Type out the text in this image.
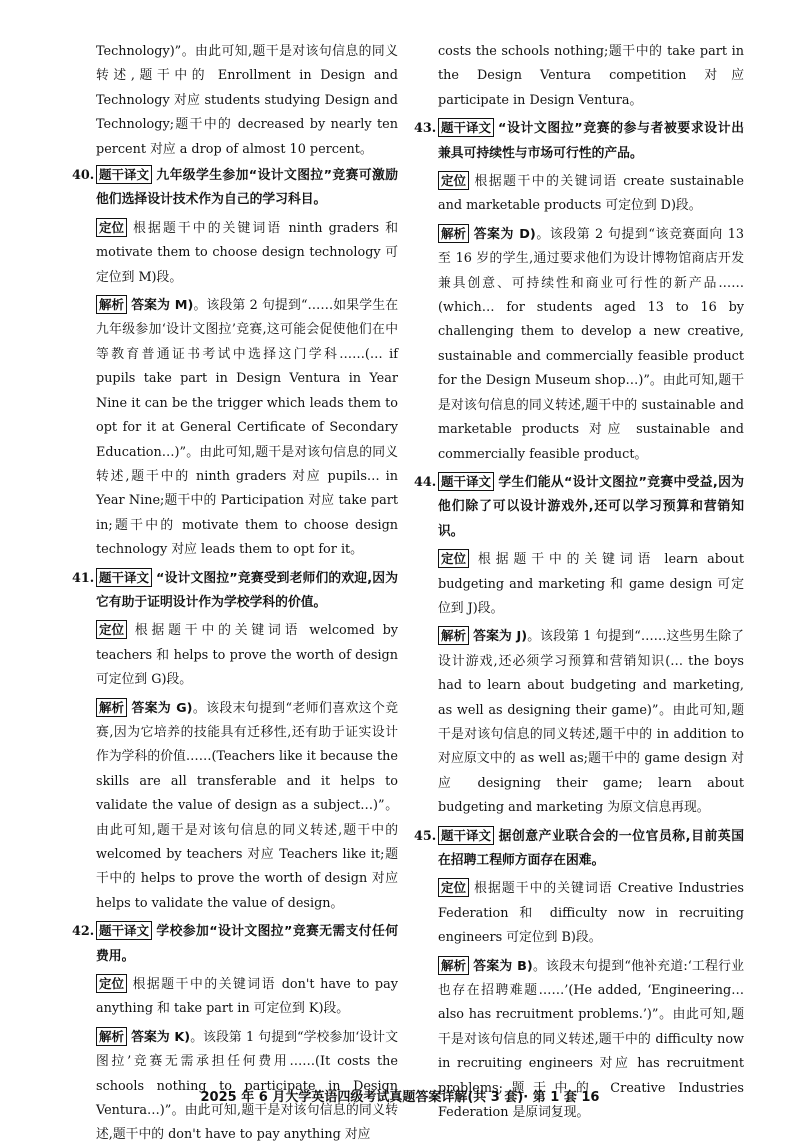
Technology)”。由此可知,题干是对该句信息的同义转述,题干中的 Enrollment in Design and Technology 对应 students studying Design and Technology;题干中的 decreased by nearly ten percent 对应 a drop of almost 10 percent。

40. 题干译文 九年级学生参加“设计文图拉”竞赛可激励他们选择设计技术作为自己的学习科目。

定位 根据题干中的关键词语 ninth graders 和 motivate them to choose design technology 可定位到 M)段。

解析 答案为 M)。该段第 2 句提到“……如果学生在九年级参加‘设计文图拉’竞赛,这可能会促使他们在中等教育普通证书考试中选择这门学科……(… if pupils take part in Design Ventura in Year Nine it can be the trigger which leads them to opt for it at General Certificate of Secondary Education…)”。由此可知,题干是对该句信息的同义转述,题干中的 ninth graders 对应 pupils… in Year Nine;题干中的 Participation 对应 take part in;题干中的 motivate them to choose design technology 对应 leads them to opt for it。

41. 题干译文 “设计文图拉”竞赛受到老师们的欢迎,因为它有助于证明设计作为学校学科的价值。

定位 根据题干中的关键词语 welcomed by teachers 和 helps to prove the worth of design 可定位到 G)段。

解析 答案为 G)。该段末句提到“老师们喜欢这个竞赛,因为它培养的技能具有迁移性,还有助于证实设计作为学科的价值……(Teachers like it because the skills are all transferable and it helps to validate the value of design as a subject…)”。由此可知,题干是对该句信息的同义转述,题干中的 welcomed by teachers 对应 Teachers like it;题干中的 helps to prove the worth of design 对应 helps to validate the value of design。

42. 题干译文 学校参加“设计文图拉”竞赛无需支付任何费用。

定位 根据题干中的关键词语 don't have to pay anything 和 take part in 可定位到 K)段。

解析 答案为 K)。该段第 1 句提到“学校参加‘设计文图拉’竞赛无需承担任何费用……(It costs the schools nothing to participate in Design Ventura…)”。由此可知,题干是对该句信息的同义转述,题干中的 don't have to pay anything 对应

costs the schools nothing;题干中的 take part in the Design Ventura competition 对应 participate in Design Ventura。

43. 题干译文 “设计文图拉”竞赛的参与者被要求设计出兼具可持续性与市场可行性的产品。

定位 根据题干中的关键词语 create sustainable and marketable products 可定位到 D)段。

解析 答案为 D)。该段第 2 句提到“该竞赛面向 13 至 16 岁的学生,通过要求他们为设计博物馆商店开发兼具创意、可持续性和商业可行性的新产品……(which… for students aged 13 to 16 by challenging them to develop a new creative, sustainable and commercially feasible product for the Design Museum shop…)”。由此可知,题干是对该句信息的同义转述,题干中的 sustainable and marketable products 对应 sustainable and commercially feasible product。

44. 题干译文 学生们能从“设计文图拉”竞赛中受益,因为他们除了可以设计游戏外,还可以学习预算和营销知识。

定位 根据题干中的关键词语 learn about budgeting and marketing 和 game design 可定位到 J)段。

解析 答案为 J)。该段第 1 句提到“……这些男生除了设计游戏,还必须学习预算和营销知识(… the boys had to learn about budgeting and marketing, as well as designing their game)”。由此可知,题干是对该句信息的同义转述,题干中的 in addition to 对应原文中的 as well as;题干中的 game design 对应 designing their game; learn about budgeting and marketing 为原文信息再现。

45. 题干译文 据创意产业联合会的一位官员称,目前英国在招聘工程师方面存在困难。

定位 根据题干中的关键词语 Creative Industries Federation 和 difficulty now in recruiting engineers 可定位到 B)段。

解析 答案为 B)。该段末句提到“他补充道:‘工程行业也存在招聘难题……’(He added, ‘Engineering… also has recruitment problems.’)”。由此可知,题干是对该句信息的同义转述,题干中的 difficulty now in recruiting engineers 对应 has recruitment problems;题干中的 Creative Industries Federation 是原词复现。

2025 年 6 月大学英语四级考试真题答案详解(共 3 套)· 第 1 套 16
